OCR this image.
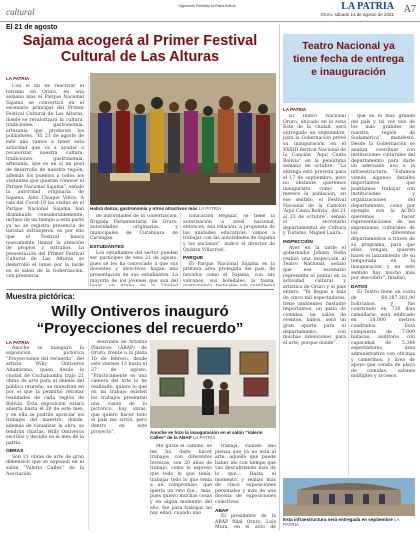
cultural
Vigorizado Periódico la Patria Bolivia	LA PATRIA
Oruro, sábado 14 de agosto de 2021 A7
El 21 de agosto
Sajama acogerá al Primer Festival Cultural de Las Alturas
LA PATRIA

Con el fin de reactivar el turismo en Oruro, en una semana más el Parque Nacional Sajama se convertirá en el escenario principal del Primer Festival Cultural de Las Alturas, donde se revalorizará la cultura, tradiciones, gastronomía, artesanía que producen los pobladores. “El 21 de agosto de este año vamos a tener esta actividad que va a ayudar a revalorizar nuestra cultura, tradiciones, gastronomía, artesanía, que es en sí un pool de desarrollo de nuestra región; además los pueblos a todos los visitantes que quieran conocer el Parque Nacional Sajama”, señaló la autoridad originaria de Sajama, Aldo Choque Villca. A raíz del Covid-19 las visitas en el Parque Nacional Sajama han disminuido considerablemente, incluso de un tiempo a esta parte ya no se registra presencia de turistas extranjeros, es por ello que el Festival busca nuevamente llamar la atención de propios y extraños. La presentación del Primer Festival Cultural de Las Alturas se desarrolló el lunes por la tarde en el salón de la Gobernación, con presencia

Habrá danza, gastronomía y otros atractivos más LA PATRIA

de autoridades de la Gobernación, Brigada Parlamentaria de Oruro, autoridades originarias, y municipales de Curahuara de Carangas.

ESTUDIANTES

Los estudiantes del sector pueden ser partícipes de este 21 de agosto, pues se les ha convocado a que sus docentes y directivos hagan una presentación de sus estudiantes. La mayoría de los jóvenes que son del

Educación Regular, se tiene la autorización a nivel nacional, entonces, esa relación, a propuesta de las unidades educativas, vamos a trabajar con las autoridades de Sajama y los ancianos”, indicó el director de Quintín Villarroel.

PARQUE

El Parque Nacional Sajama es la primera área protegida del país, de nevados como el Sajama, con sus volcanes, sus bofedales, la fauna,

Muestra pictórica:
Willy Ontiveros inauguró “Proyecciones del recuerdo”
LA PATRIA

Anoche se inauguró la exposición pictórica “Proyecciones del recuerdo”, del artista Willy Ontiveros Altamirano, quien desde la ciudad de Cochabamba trajo 21 obras de arte para el deleite del público orureño, se muestran en por el que la permitió retratar realidades de cada región de Bolivia. Esta exposición estará abierta hasta el 20 de este mes, y en ella se podrán apreciar los trabajos del maestro, donde, además de visualizar la obra, se tendrán charlas. Willy Ontiveros escribió y decidió es el mes de la patria.

OBRAS

Son 21 obras de arte de gran dimensión que se exponen en el salón “Valerio Calles” de la Asociación

Boliviana de Artistas Plásticos (ABAP) de Oruro, frente a la plaza 10 de febrero, desde este viernes 13 hasta el 27 de agosto. “Prácticamente es una camera del arte lo he realizado, quiero lo que en mi trabajo existen los trabajos presentan una visión de lo pictórico, hay obras, que quiero hacer todo el país me sirvió, pero dentro en este proyecto”.	Anoche se hizo la inauguración en el salón “Valerio Calles” de la ABAP LA PATRIA

Me gusta el camino, se me ha dado hacer trabajos con diferentes técnicas, son 20 años de trabajo, como le expreso que todo lo que tenía, trabajar todo lo que tenía a un compromiso, que quería un reto fue... más, pues quiero muchas cosas y en algún momento del año, fue para trabajar, no hay edad, cuando uno

trabaja, cuando uno piensa que ya no está al arte, aquello que puede haber ido con tiempo que vas descubriendo más de lo que... Hasta el momento, y realizó más de cinco exposiciones personales y más de una docena de exposiciones colectivas.

ABAP

El presidente de la ABAP filial Oruro, Luis Mora, en el acto de

Teatro Nacional ya tiene fecha de entrega e inauguración
LA PATRIA

El Teatro Nacional Oruro, ubicado en la zona Este de la ciudad, será entregado en septiembre, para la Gobernación prevé su inauguración en el XXXIII festival Nacional de la Canción “Aquí Canta Bolivia” en la penúltima semana de octubre. “La entrega está prevista para el 17 de septiembre, pero no obstante queremos inaugurarlo como se merece la población, en ese sentido, el Festival Nacional de la Canción ‘Aquí Canta Bolivia’, del 21 al 23 de octubre”, señaló el secretario departamental de Cultura y Turismo, Miguel Laura.

INSPECCIÓN

Ayer en la tarde el gobernador Johnny Vedia realizó una inspección al Teatro Nacional, señaló que ese escenario representa el puntal en la actividad cultural y artística de Oruro y el país entero. “Ya llegan a más de cinco mil espectadores, tiene ambientes bastante importantes, un patio de comidas, un salón de eventos, baños, será un gran aporte para el departamento, con muchas intenciones para el arte, porque donde”.

que es el más grande del país y tal vez uno de los más grandes de nuestra región de Sudamérica”, manifestó. Desde la Gobernación se analiza coordinar con instituciones culturales del departamento para darle un adecuado uso a la infraestructura. “Estamos viendo algunos detalles importantes que podríamos trabajar con instituciones y organizaciones del departamento, como por ejemplo con la ACBO queremos hacer representaciones de las expresiones culturales de los diferentes departamentos a través de su programa, para que ellos vengan, quieren hacer el lanzamiento de su temporada en la inauguración y en este sentido hay mucho más por descubrir”, finalizó.

DATOS

El Teatro tiene un costo de 64.287.381,90 bolivianos, y fue construido en 720 días calendario, está edificado en 18.000 metros cuadrados. Está compuesto de 7.000 butacas, auditorio con capacidad de 5.344 espectadores, área administrativa con oficinas y camerinos, y área de apoyo que consta de playa de comidas, salones múltiples y accesos.

Esta infraestructura será entregada en septiembre LA PATRIA
